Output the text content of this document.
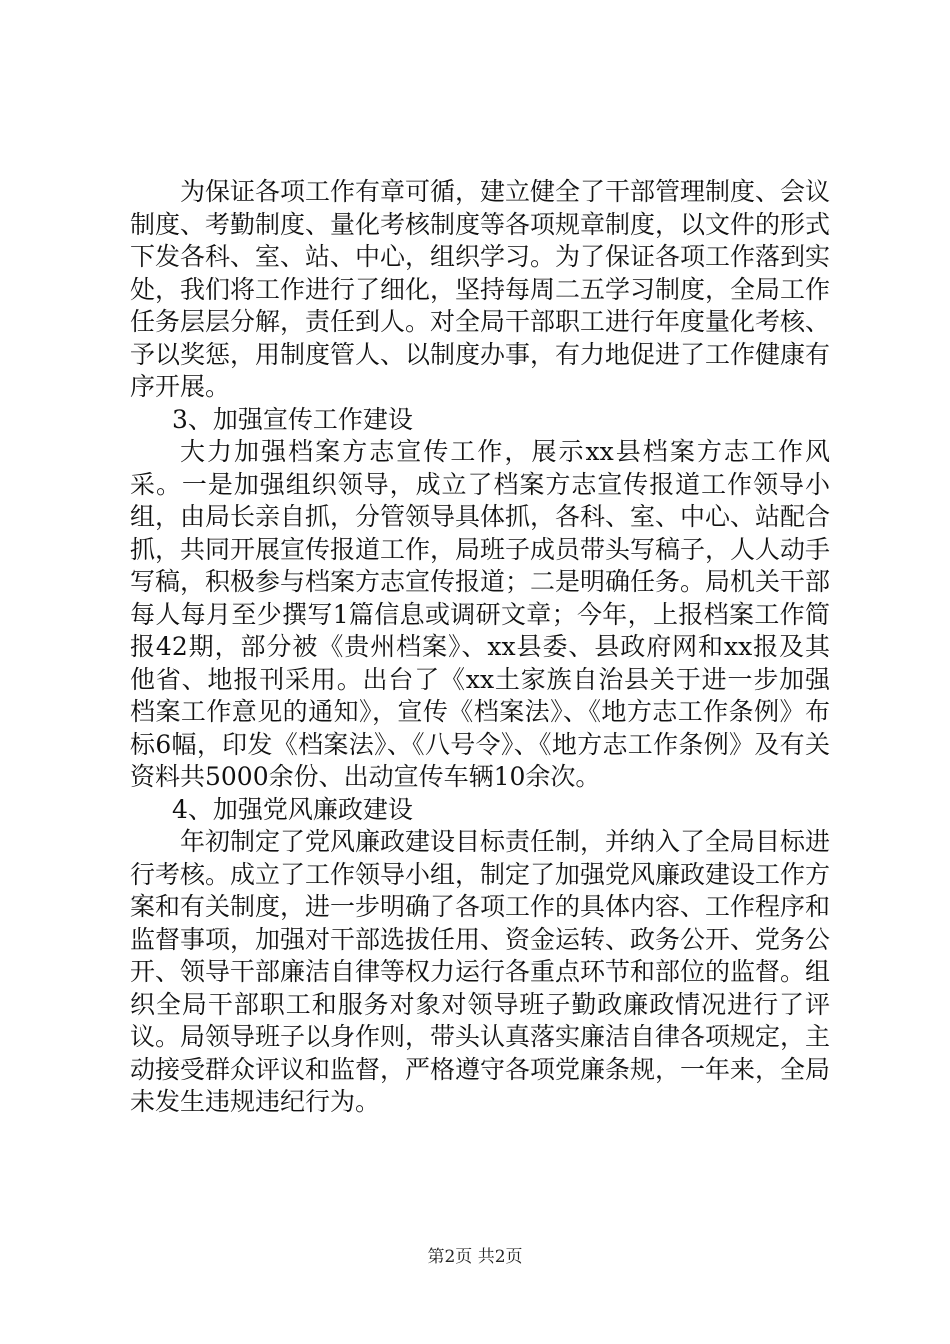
为保证各项工作有章可循，建立健全了干部管理制度、会议制度、考勤制度、量化考核制度等各项规章制度，以文件的形式下发各科、室、站、中心，组织学习。为了保证各项工作落到实处，我们将工作进行了细化，坚持每周二五学习制度，全局工作任务层层分解，责任到人。对全局干部职工进行年度量化考核、予以奖惩，用制度管人、以制度办事，有力地促进了工作健康有序开展。

3、加强宣传工作建设

大力加强档案方志宣传工作，展示xx县档案方志工作风采。一是加强组织领导，成立了档案方志宣传报道工作领导小组，由局长亲自抓，分管领导具体抓，各科、室、中心、站配合抓，共同开展宣传报道工作，局班子成员带头写稿子，人人动手写稿，积极参与档案方志宣传报道；二是明确任务。局机关干部每人每月至少撰写1篇信息或调研文章；今年，上报档案工作简报42期，部分被《贵州档案》、xx县委、县政府网和xx报及其他省、地报刊采用。出台了《xx土家族自治县关于进一步加强档案工作意见的通知》，宣传《档案法》、《地方志工作条例》布标6幅，印发《档案法》、《八号令》、《地方志工作条例》及有关资料共5000余份、出动宣传车辆10余次。

4、加强党风廉政建设

年初制定了党风廉政建设目标责任制，并纳入了全局目标进行考核。成立了工作领导小组，制定了加强党风廉政建设工作方案和有关制度，进一步明确了各项工作的具体内容、工作程序和监督事项，加强对干部选拔任用、资金运转、政务公开、党务公开、领导干部廉洁自律等权力运行各重点环节和部位的监督。组织全局干部职工和服务对象对领导班子勤政廉政情况进行了评议。局领导班子以身作则，带头认真落实廉洁自律各项规定，主动接受群众评议和监督，严格遵守各项党廉条规，一年来，全局未发生违规违纪行为。

第2页 共2页
